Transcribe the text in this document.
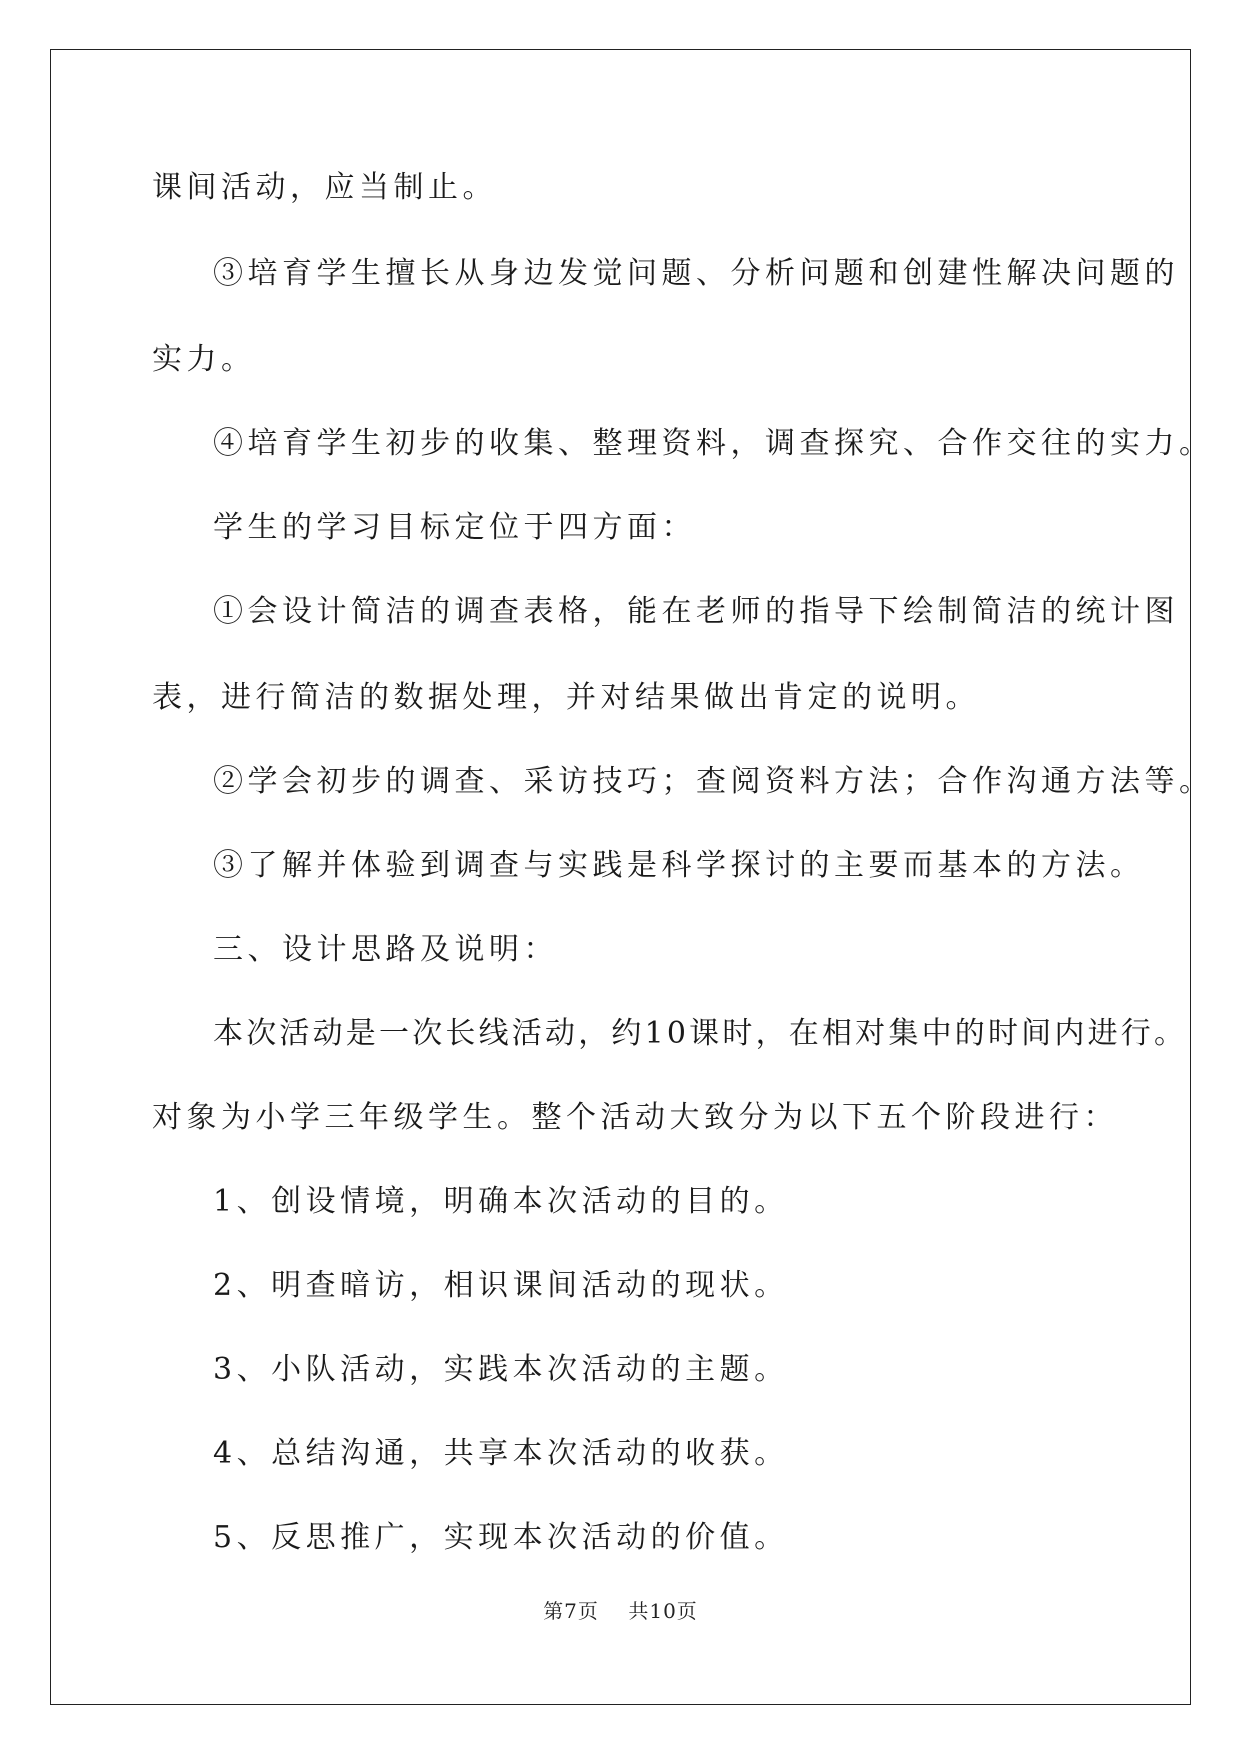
课间活动，应当制止。
③培育学生擅长从身边发觉问题、分析问题和创建性解决问题的
实力。
④培育学生初步的收集、整理资料，调查探究、合作交往的实力。
学生的学习目标定位于四方面：
①会设计简洁的调查表格，能在老师的指导下绘制简洁的统计图
表，进行简洁的数据处理，并对结果做出肯定的说明。
②学会初步的调查、采访技巧；查阅资料方法；合作沟通方法等。
③了解并体验到调查与实践是科学探讨的主要而基本的方法。
三、设计思路及说明：
本次活动是一次长线活动，约10课时，在相对集中的时间内进行。
对象为小学三年级学生。整个活动大致分为以下五个阶段进行：
1、创设情境，明确本次活动的目的。
2、明查暗访，相识课间活动的现状。
3、小队活动，实践本次活动的主题。
4、总结沟通，共享本次活动的收获。
5、反思推广，实现本次活动的价值。
第7页    共10页
